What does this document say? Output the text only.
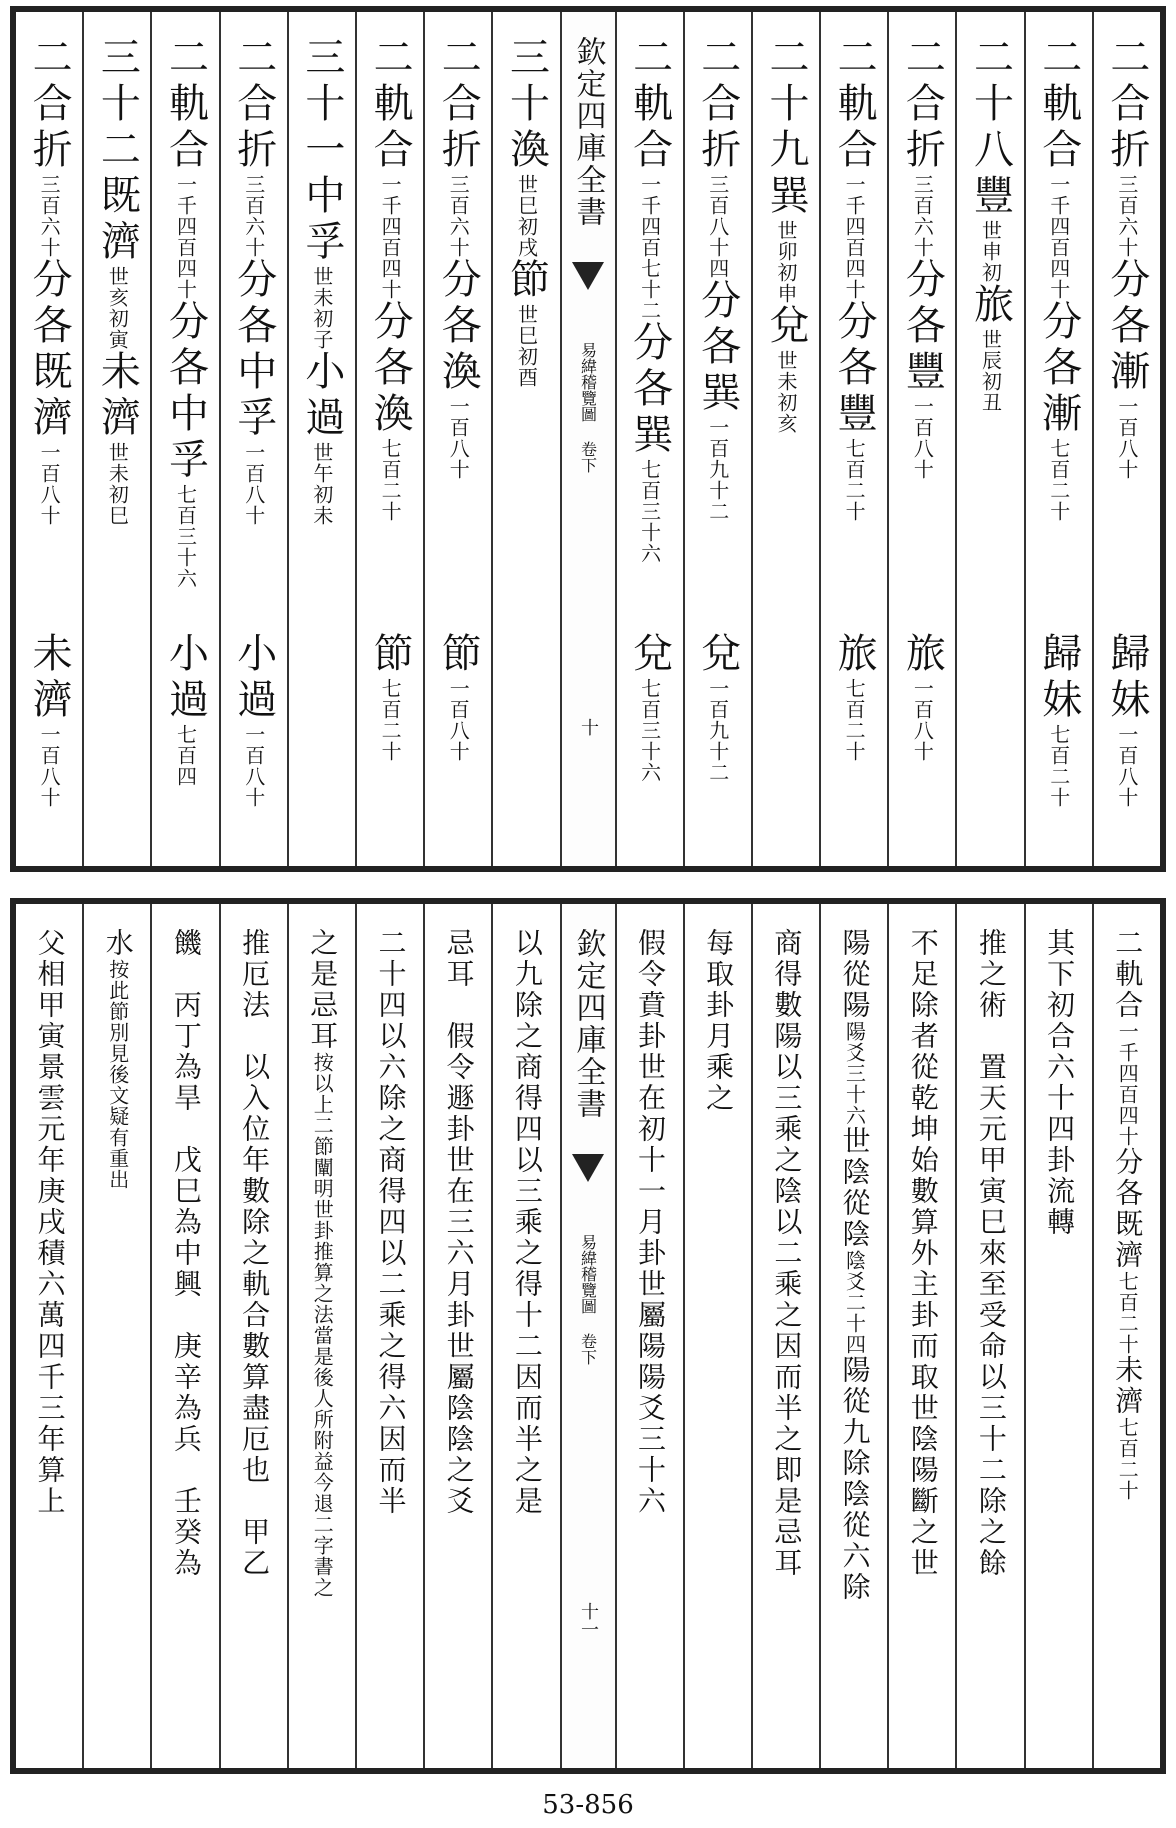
二合折三百六十分各漸一百八十
歸妹一百八十
二軌合一千四百四十分各漸七百二十
歸妹七百二十
二十八豐世申初旅世辰初丑
二合折三百六十分各豐一百八十
旅一百八十
二軌合一千四百四十分各豐七百二十
旅七百二十
二十九巽世卯初申兌世未初亥
二合折三百八十四分各巽一百九十二
兌一百九十二
二軌合一千四百七十二分各巽七百三十六
兌七百三十六
欽定四庫全書
易緯稽覽圖 卷下
十
三十渙世巳初戌節世巳初酉
二合折三百六十分各渙一百八十
節一百八十
二軌合一千四百四十分各渙七百二十
節七百二十
三十一中孚世未初子小過世午初未
二合折三百六十分各中孚一百八十
小過一百八十
二軌合一千四百四十分各中孚七百三十六
小過七百四
三十二既濟世亥初寅未濟世未初巳
二合折三百六十分各既濟一百八十
未濟一百八十
二軌合一千四百四十分各既濟七百二十未濟七百二十
其下初合六十四卦流轉
推之術　置天元甲寅巳來至受命以三十二除之餘
不足除者從乾坤始數算外主卦而取世陰陽斷之世
陽從陽陽爻三十六世陰從陰陰爻二十四陽從九除陰從六除
商得數陽以三乘之陰以二乘之因而半之即是忌耳
每取卦月乘之
假令賁卦世在初十一月卦世屬陽陽爻三十六
欽定四庫全書
易緯稽覽圖 卷下
十一
以九除之商得四以三乘之得十二因而半之是
忌耳　假令遯卦世在三六月卦世屬陰陰之爻
二十四以六除之商得四以二乘之得六因而半
之是忌耳按以上二節闡明世卦推算之法當是後人所附益今退二字書之
推厄法　以入位年數除之軌合數算盡厄也　甲乙
饑　丙丁為旱　戊巳為中興　庚辛為兵　壬癸為
水按此節別見後文疑有重出
父相甲寅景雲元年庚戌積六萬四千三年算上
53-856
